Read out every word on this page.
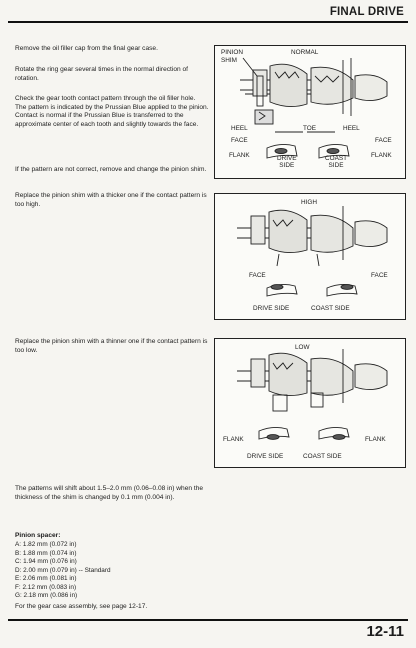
FINAL DRIVE

Remove the oil filler cap from the final gear case.

Rotate the ring gear several times in the normal direction of rotation.

Check the gear tooth contact pattern through the oil filler hole.
The pattern is indicated by the Prussian Blue applied to the pinion.
Contact is normal if the Prussian Blue is transferred to the approximate center of each tooth and slightly towards the face.

If the pattern are not correct, remove and change the pinion shim.

Replace the pinion shim with a thicker one if the contact pattern is too high.

Replace the pinion shim with a thinner one if the contact pattern is too low.

The patterns will shift about 1.5–2.0 mm (0.06–0.08 in) when the thickness of the shim is changed by 0.1 mm (0.004 in).

Pinion spacer:
A: 1.82 mm (0.072 in)
B: 1.88 mm (0.074 in)
C: 1.94 mm (0.076 in)
D: 2.00 mm (0.079 in) -- Standard
E: 2.06 mm (0.081 in)
F: 2.12 mm (0.083 in)
G: 2.18 mm (0.086 in)

For the gear case assembly, see page 12-17.

PINION
SHIM
NORMAL
HEEL	TOE	HEEL
FACE	FACE
FLANK	FLANK
DRIVE
SIDE
COAST
SIDE
HIGH
FACE	FACE
DRIVE SIDE	COAST SIDE
LOW
FLANK	FLANK
DRIVE SIDE	COAST SIDE
12-11
